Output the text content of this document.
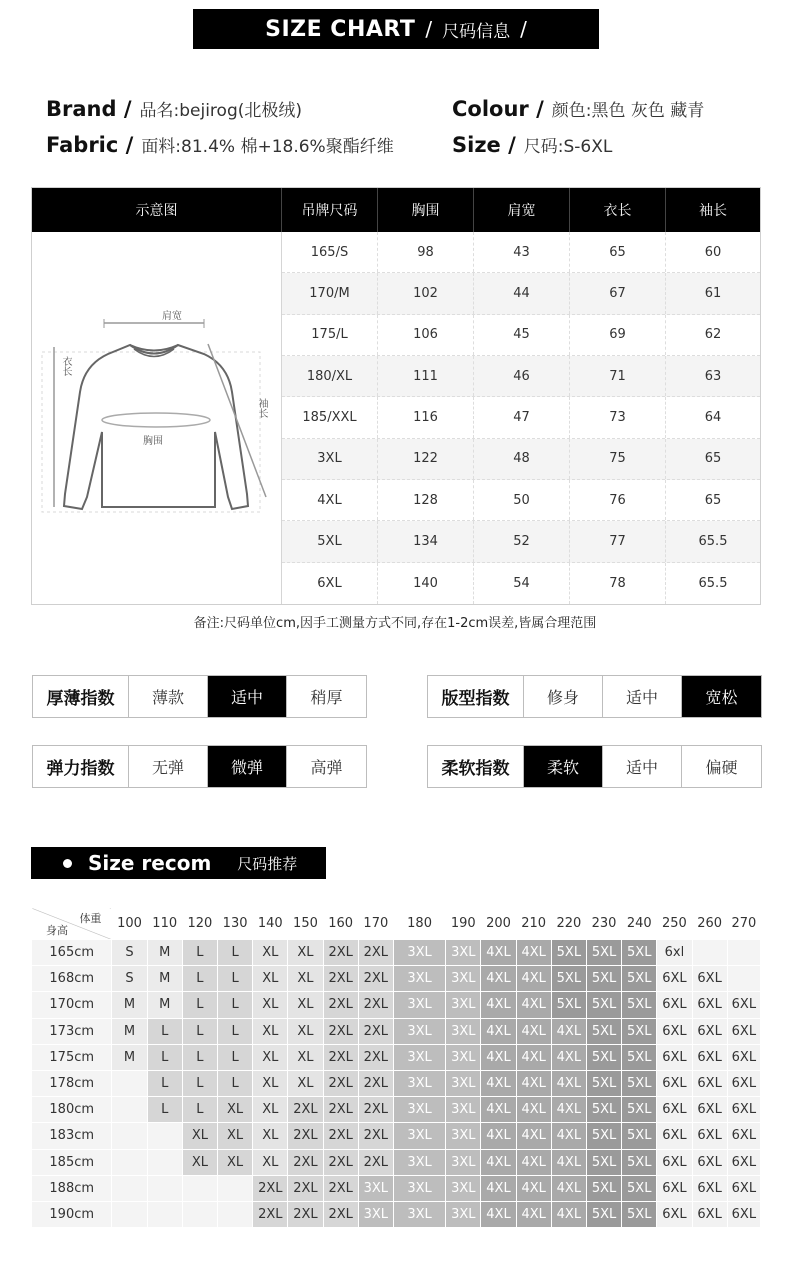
SIZE CHART / 尺码信息 /
Brand / 品名:bejirog(北极绒)	Colour / 颜色:黑色 灰色 藏青
Fabric / 面料:81.4% 棉+18.6%聚酯纤维	Size / 尺码:S-6XL
示意图	吊牌尺码	胸围	肩宽	衣长	袖长
肩宽
衣长
袖长
胸围
165/S	98	43	65	60
170/M	102	44	67	61
175/L	106	45	69	62
180/XL	111	46	71	63
185/XXL	116	47	73	64
3XL	122	48	75	65
4XL	128	50	76	65
5XL	134	52	77	65.5
6XL	140	54	78	65.5
备注:尺码单位cm,因手工测量方式不同,存在1-2cm误差,皆属合理范围
厚薄指数	薄款	适中	稍厚	版型指数	修身	适中	宽松
弹力指数	无弹	微弹	高弹	柔软指数	柔软	适中	偏硬
Size recom 尺码推荐
体重
身高	100	110	120	130	140	150	160	170	180	190	200	210	220	230	240	250	260	270
165cm	S	M	L	L	XL	XL	2XL	2XL	3XL	3XL	4XL	4XL	5XL	5XL	5XL	6xl		
168cm	S	M	L	L	XL	XL	2XL	2XL	3XL	3XL	4XL	4XL	5XL	5XL	5XL	6XL	6XL	
170cm	M	M	L	L	XL	XL	2XL	2XL	3XL	3XL	4XL	4XL	5XL	5XL	5XL	6XL	6XL	6XL
173cm	M	L	L	L	XL	XL	2XL	2XL	3XL	3XL	4XL	4XL	4XL	5XL	5XL	6XL	6XL	6XL
175cm	M	L	L	L	XL	XL	2XL	2XL	3XL	3XL	4XL	4XL	4XL	5XL	5XL	6XL	6XL	6XL
178cm		L	L	L	XL	XL	2XL	2XL	3XL	3XL	4XL	4XL	4XL	5XL	5XL	6XL	6XL	6XL
180cm		L	L	XL	XL	2XL	2XL	2XL	3XL	3XL	4XL	4XL	4XL	5XL	5XL	6XL	6XL	6XL
183cm			XL	XL	XL	2XL	2XL	2XL	3XL	3XL	4XL	4XL	4XL	5XL	5XL	6XL	6XL	6XL
185cm			XL	XL	XL	2XL	2XL	2XL	3XL	3XL	4XL	4XL	4XL	5XL	5XL	6XL	6XL	6XL
188cm					2XL	2XL	2XL	3XL	3XL	3XL	4XL	4XL	4XL	5XL	5XL	6XL	6XL	6XL
190cm					2XL	2XL	2XL	3XL	3XL	3XL	4XL	4XL	4XL	5XL	5XL	6XL	6XL	6XL
